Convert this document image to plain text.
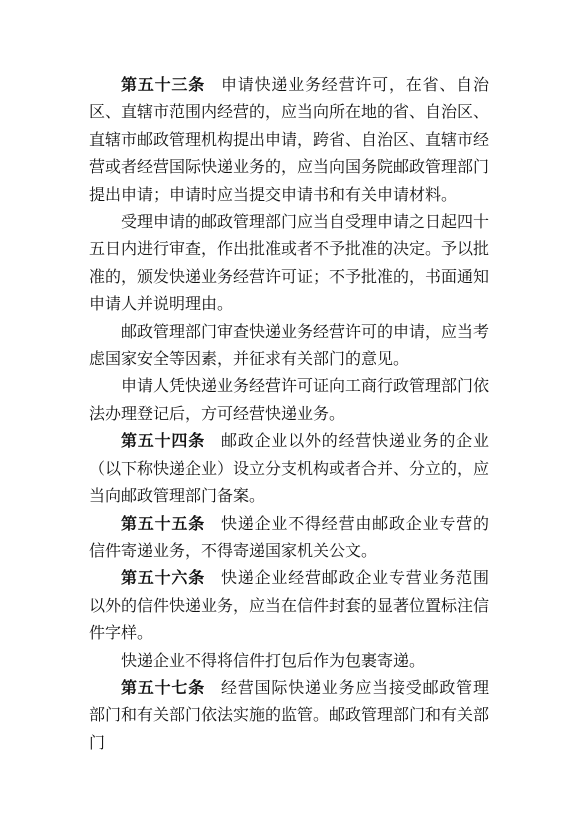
第五十三条 申请快递业务经营许可，在省、自治区、直辖市范围内经营的，应当向所在地的省、自治区、直辖市邮政管理机构提出申请，跨省、自治区、直辖市经营或者经营国际快递业务的，应当向国务院邮政管理部门提出申请；申请时应当提交申请书和有关申请材料。

受理申请的邮政管理部门应当自受理申请之日起四十五日内进行审查，作出批准或者不予批准的决定。予以批准的，颁发快递业务经营许可证；不予批准的，书面通知申请人并说明理由。

邮政管理部门审查快递业务经营许可的申请，应当考虑国家安全等因素，并征求有关部门的意见。

申请人凭快递业务经营许可证向工商行政管理部门依法办理登记后，方可经营快递业务。

第五十四条 邮政企业以外的经营快递业务的企业（以下称快递企业）设立分支机构或者合并、分立的，应当向邮政管理部门备案。

第五十五条 快递企业不得经营由邮政企业专营的信件寄递业务，不得寄递国家机关公文。

第五十六条 快递企业经营邮政企业专营业务范围以外的信件快递业务，应当在信件封套的显著位置标注信件字样。

快递企业不得将信件打包后作为包裹寄递。

第五十七条 经营国际快递业务应当接受邮政管理部门和有关部门依法实施的监管。邮政管理部门和有关部门
